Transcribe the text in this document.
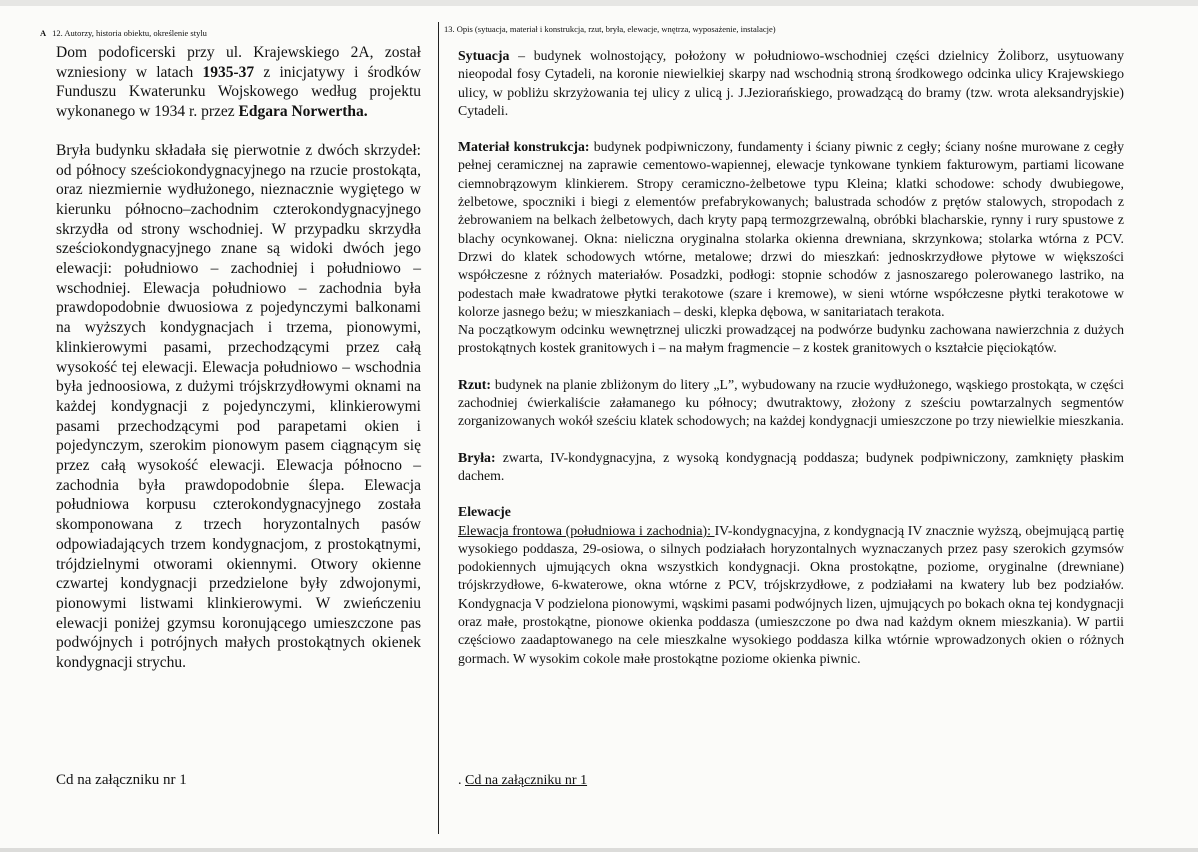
A 12. Autorzy, historia obiektu, określenie stylu	13. Opis (sytuacja, materiał i konstrukcja, rzut, bryła, elewacje, wnętrza, wyposażenie, instalacje)

Dom podoficerski przy ul. Krajewskiego 2A, został wzniesiony w latach 1935-37 z inicjatywy i środków Funduszu Kwaterunku Wojskowego według projektu wykonanego w 1934 r. przez Edgara Norwertha.

Bryła budynku składała się pierwotnie z dwóch skrzydeł: od północy sześciokondygnacyjnego na rzucie prostokąta, oraz niezmiernie wydłużonego, nieznacznie wygiętego w kierunku północno–zachodnim czterokondygnacyjnego skrzydła od strony wschodniej. W przypadku skrzydła sześciokondygnacyjnego znane są widoki dwóch jego elewacji: południowo – zachodniej i południowo – wschodniej. Elewacja południowo – zachodnia była prawdopodobnie dwuosiowa z pojedynczymi balkonami na wyższych kondygnacjach i trzema, pionowymi, klinkierowymi pasami, przechodzącymi przez całą wysokość tej elewacji. Elewacja południowo – wschodnia była jednoosiowa, z dużymi trójskrzydłowymi oknami na każdej kondygnacji z pojedynczymi, klinkierowymi pasami przechodzącymi pod parapetami okien i pojedynczym, szerokim pionowym pasem ciągnącym się przez całą wysokość elewacji. Elewacja północno – zachodnia była prawdopodobnie ślepa. Elewacja południowa korpusu czterokondygnacyjnego została skomponowana z trzech horyzontalnych pasów odpowiadających trzem kondygnacjom, z prostokątnymi, trójdzielnymi otworami okiennymi. Otwory okienne czwartej kondygnacji przedzielone były zdwojonymi, pionowymi listwami klinkierowymi. W zwieńczeniu elewacji poniżej gzymsu koronującego umieszczone pas podwójnych i potrójnych małych prostokątnych okienek kondygnacji strychu.

Cd na załączniku nr 1

Sytuacja – budynek wolnostojący, położony w południowo-wschodniej części dzielnicy Żoliborz, usytuowany nieopodal fosy Cytadeli, na koronie niewielkiej skarpy nad wschodnią stroną środkowego odcinka ulicy Krajewskiego ulicy, w pobliżu skrzyżowania tej ulicy z ulicą j. J.Jeziorańskiego, prowadzącą do bramy (tzw. wrota aleksandryjskie) Cytadeli.

Materiał konstrukcja: budynek podpiwniczony, fundamenty i ściany piwnic z cegły; ściany nośne murowane z cegły pełnej ceramicznej na zaprawie cementowo-wapiennej, elewacje tynkowane tynkiem fakturowym, partiami licowane ciemnobrązowym klinkierem. Stropy ceramiczno-żelbetowe typu Kleina; klatki schodowe: schody dwubiegowe, żelbetowe, spoczniki i biegi z elementów prefabrykowanych; balustrada schodów z prętów stalowych, stropodach z żebrowaniem na belkach żelbetowych, dach kryty papą termozgrzewalną, obróbki blacharskie, rynny i rury spustowe z blachy ocynkowanej. Okna: nieliczna oryginalna stolarka okienna drewniana, skrzynkowa; stolarka wtórna z PCV. Drzwi do klatek schodowych wtórne, metalowe; drzwi do mieszkań: jednoskrzydłowe płytowe w większości współczesne z różnych materiałów. Posadzki, podłogi: stopnie schodów z jasnoszarego polerowanego lastriko, na podestach małe kwadratowe płytki terakotowe (szare i kremowe), w sieni wtórne współczesne płytki terakotowe w kolorze jasnego beżu; w mieszkaniach – deski, klepka dębowa, w sanitariatach terakota.

Na początkowym odcinku wewnętrznej uliczki prowadzącej na podwórze budynku zachowana nawierzchnia z dużych prostokątnych kostek granitowych i – na małym fragmencie – z kostek granitowych o kształcie pięciokątów.

Rzut: budynek na planie zbliżonym do litery „L”, wybudowany na rzucie wydłużonego, wąskiego prostokąta, w części zachodniej ćwierkaliście załamanego ku północy; dwutraktowy, złożony z sześciu powtarzalnych segmentów zorganizowanych wokół sześciu klatek schodowych; na każdej kondygnacji umieszczone po trzy niewielkie mieszkania.

Bryła: zwarta, IV-kondygnacyjna, z wysoką kondygnacją poddasza; budynek podpiwniczony, zamknięty płaskim dachem.

Elewacje

Elewacja frontowa (południowa i zachodnia): IV-kondygnacyjna, z kondygnacją IV znacznie wyższą, obejmującą partię wysokiego poddasza, 29-osiowa, o silnych podziałach horyzontalnych wyznaczanych przez pasy szerokich gzymsów podokiennych ujmujących okna wszystkich kondygnacji. Okna prostokątne, poziome, oryginalne (drewniane) trójskrzydłowe, 6-kwaterowe, okna wtórne z PCV, trójskrzydłowe, z podziałami na kwatery lub bez podziałów. Kondygnacja V podzielona pionowymi, wąskimi pasami podwójnych lizen, ujmujących po bokach okna tej kondygnacji oraz małe, prostokątne, pionowe okienka poddasza (umieszczone po dwa nad każdym oknem mieszkania). W partii częściowo zaadaptowanego na cele mieszkalne wysokiego poddasza kilka wtórnie wprowadzonych okien o różnych gormach. W wysokim cokole małe prostokątne poziome okienka piwnic.

. Cd na załączniku nr 1
